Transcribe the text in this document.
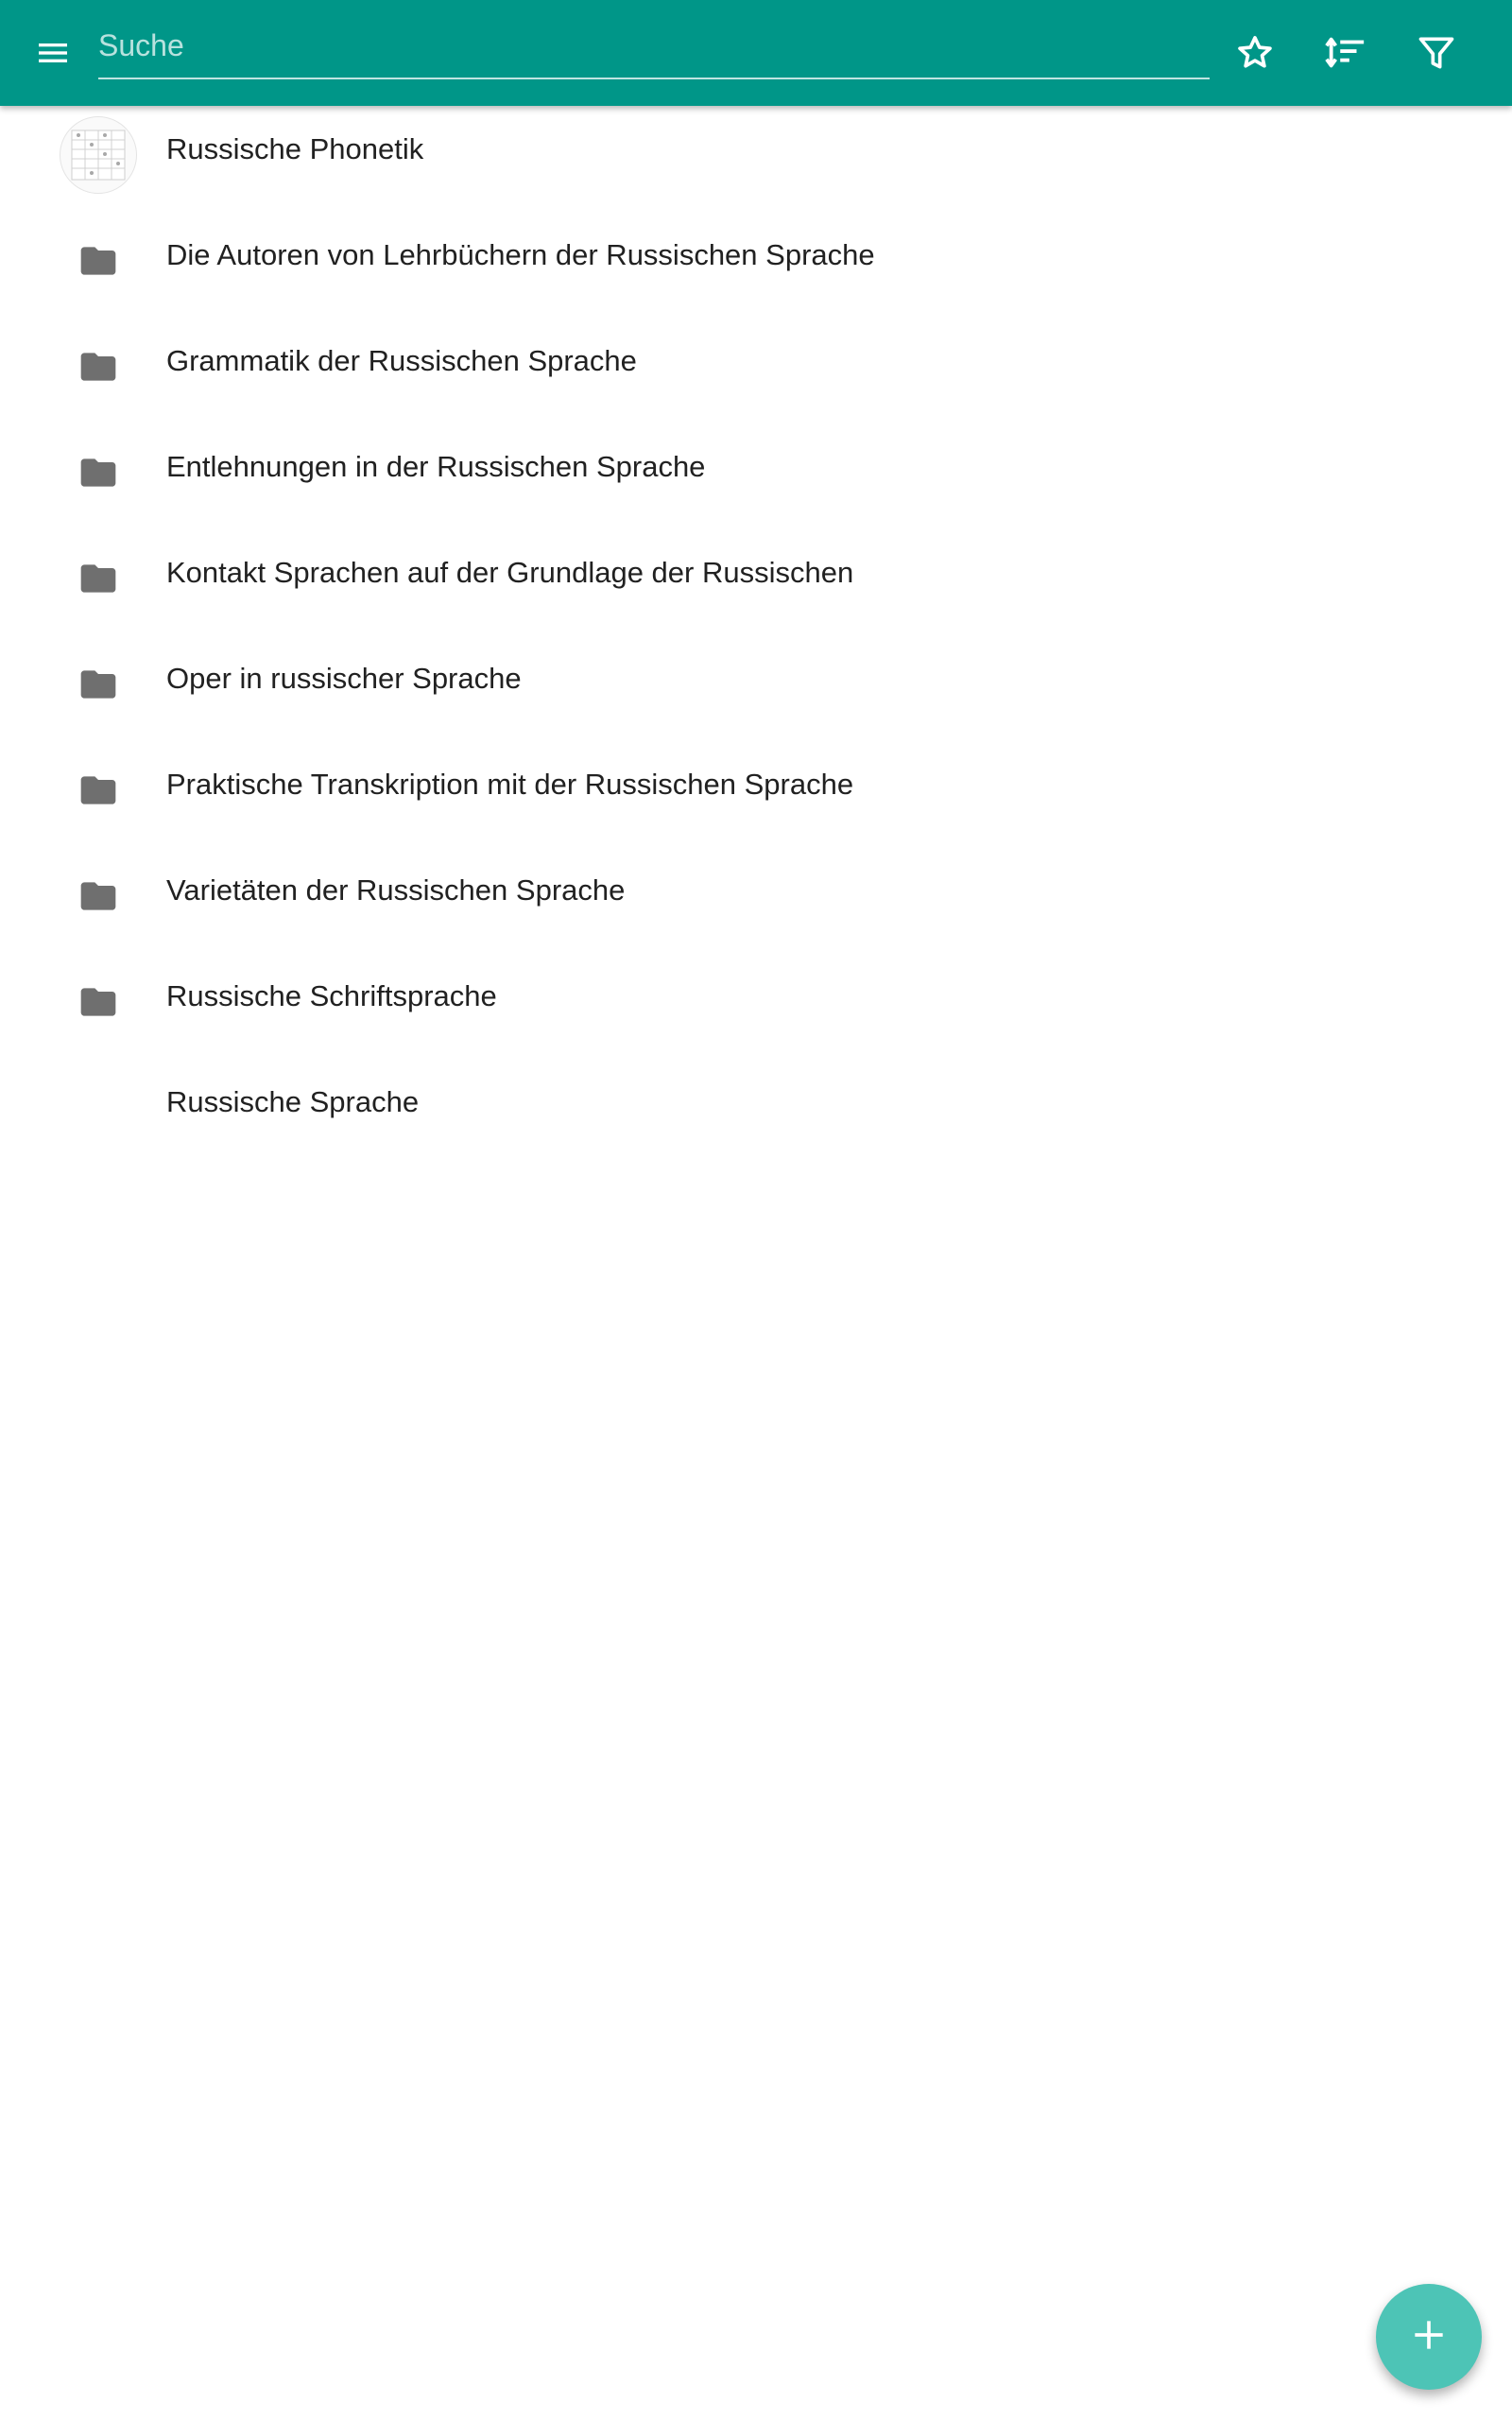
Suche
Russische Phonetik
Die Autoren von Lehrbüchern der Russischen Sprache
Grammatik der Russischen Sprache
Entlehnungen in der Russischen Sprache
Kontakt Sprachen auf der Grundlage der Russischen
Oper in russischer Sprache
Praktische Transkription mit der Russischen Sprache
Varietäten der Russischen Sprache
Russische Schriftsprache
Russische Sprache
